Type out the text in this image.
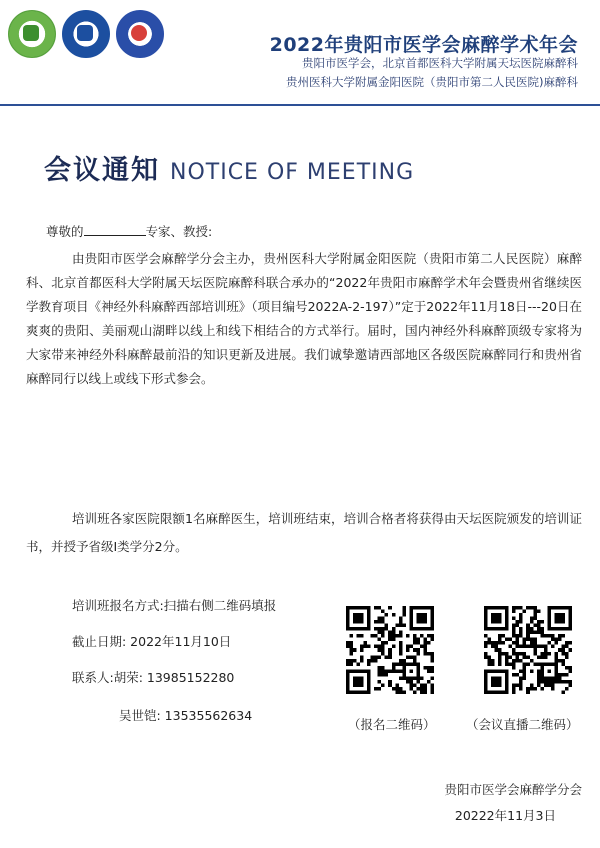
2022年贵阳市医学会麻醉学术年会
贵阳市医学会，北京首都医科大学附属天坛医院麻醉科
贵州医科大学附属金阳医院（贵阳市第二人民医院)麻醉科
会议通知 NOTICE OF MEETING
尊敬的	专家、教授:
由贵阳市医学会麻醉学分会主办，贵州医科大学附属金阳医院（贵阳市第二人民医院）麻醉科、北京首都医科大学附属天坛医院麻醉科联合承办的“2022年贵阳市麻醉学术年会暨贵州省继续医学教育项目《神经外科麻醉西部培训班》（项目编号2022A-2-197）”定于2022年11月18日---20日在爽爽的贵阳、美丽观山湖畔以线上和线下相结合的方式举行。届时，国内神经外科麻醉顶级专家将为大家带来神经外科麻醉最前沿的知识更新及进展。我们诚挚邀请西部地区各级医院麻醉同行和贵州省麻醉同行以线上或线下形式参会。
培训班各家医院限额1名麻醉医生，培训班结束，培训合格者将获得由天坛医院颁发的培训证书，并授予省级I类学分2分。
培训班报名方式:扫描右侧二维码填报
截止日期: 2022年11月10日
联系人:胡荣: 13985152280
吴世铠: 13535562634
（报名二维码） （会议直播二维码）
贵阳市医学会麻醉学分会
20222年11月3日
